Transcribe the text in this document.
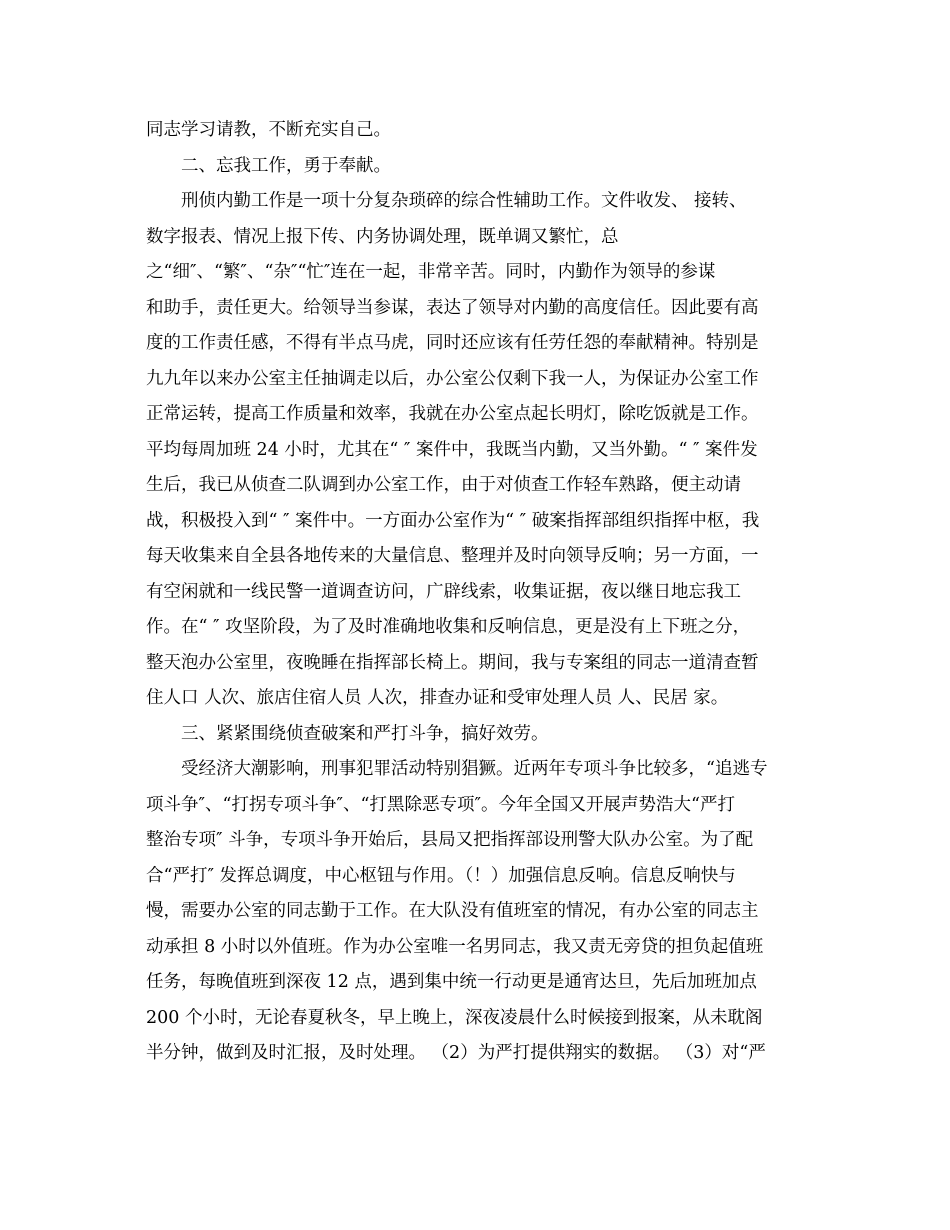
同志学习请教，不断充实自己。
二、忘我工作，勇于奉献。
刑侦内勤工作是一项十分复杂琐碎的综合性辅助工作。文件收发、 接转、
数字报表、情况上报下传、内务协调处理，既单调又繁忙，总
之“细″、“繁″、“杂″“忙″连在一起，非常辛苦。同时，内勤作为领导的参谋
和助手，责任更大。给领导当参谋，表达了领导对内勤的高度信任。因此要有高
度的工作责任感，不得有半点马虎，同时还应该有任劳任怨的奉献精神。特别是
九九年以来办公室主任抽调走以后，办公室公仅剩下我一人，为保证办公室工作
正常运转，提高工作质量和效率，我就在办公室点起长明灯，除吃饭就是工作。
平均每周加班 24 小时，尤其在“ ″ 案件中，我既当内勤，又当外勤。“ ″ 案件发
生后，我已从侦查二队调到办公室工作，由于对侦查工作轻车熟路，便主动请
战，积极投入到“ ″ 案件中。一方面办公室作为“ ″ 破案指挥部组织指挥中枢，我
每天收集来自全县各地传来的大量信息、整理并及时向领导反响；另一方面，一
有空闲就和一线民警一道调查访问，广辟线索，收集证据，夜以继日地忘我工
作。在“ ″ 攻坚阶段，为了及时准确地收集和反响信息，更是没有上下班之分，
整天泡办公室里，夜晚睡在指挥部长椅上。期间，我与专案组的同志一道清查暂
住人口 人次、旅店住宿人员 人次，排查办证和受审处理人员 人、民居 家。
三、紧紧围绕侦查破案和严打斗争，搞好效劳。
受经济大潮影响，刑事犯罪活动特别猖獗。近两年专项斗争比较多，“追逃专
项斗争″、“打拐专项斗争″、“打黑除恶专项″。今年全国又开展声势浩大“严打
整治专项″ 斗争，专项斗争开始后，县局又把指挥部设刑警大队办公室。为了配
合“严打″ 发挥总调度，中心枢钮与作用。（！）加强信息反响。信息反响快与
慢，需要办公室的同志勤于工作。在大队没有值班室的情况，有办公室的同志主
动承担 8 小时以外值班。作为办公室唯一名男同志，我又责无旁贷的担负起值班
任务，每晚值班到深夜 12 点，遇到集中统一行动更是通宵达旦，先后加班加点
200 个小时，无论春夏秋冬，早上晚上，深夜凌晨什么时候接到报案，从未耽阁
半分钟，做到及时汇报，及时处理。 （2）为严打提供翔实的数据。 （3）对“严
